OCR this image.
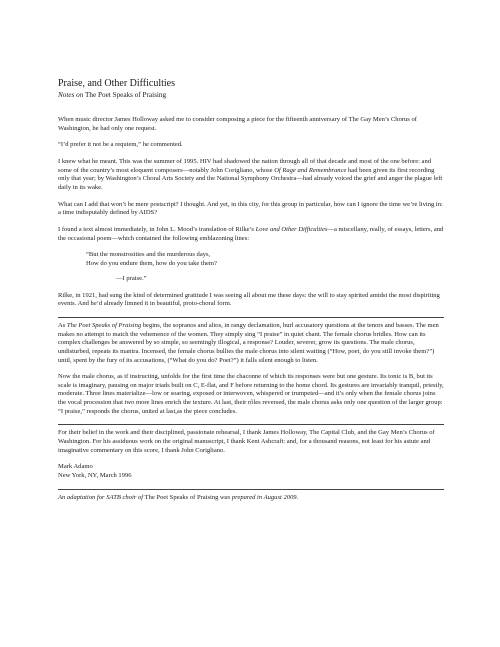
Praise, and Other Difficulties
Notes on The Poet Speaks of Praising

When music director James Holloway asked me to consider composing a piece for the fifteenth anniversary of The Gay Men’s Chorus of Washington, he had only one request.

“I’d prefer it not be a requiem,” he commented.

I knew what he meant. This was the summer of 1995. HIV had shadowed the nation through all of that decade and most of the one before: and some of the country’s most eloquent composers—notably John Corigliano, whose Of Rage and Remembrance had been given its first recording only that year; by Washington’s Choral Arts Society and the National Symphony Orchestra—had already voiced the grief and anger the plague left daily in its wake.

What can I add that won’t be mere postscript? I thought. And yet, in this city, for this group in particular, how can I ignore the time we’re living in: a time indisputably defined by AIDS?

I found a text almost immediately, in John L. Mood’s translation of Rilke’s Love and Other Difficulties—a miscellany, really, of essays, letters, and the occasional poem—which contained the following emblazoning lines:

“But the monstrosities and the murderous days,
How do you endure them, how do you take them?

—I praise.”

Rilke, in 1921, had sung the kind of determined gratitude I was seeing all about me these days: the will to stay spirited amidst the most dispiriting events. And he’d already limned it in beautiful, proto-choral form.

As The Poet Speaks of Praising begins, the sopranos and altos, in rangy declamation, hurl accusatory questions at the tenors and basses. The men makes no attempt to match the vehemence of the women. They simply sing “I praise” in quiet chant. The female chorus bridles. How can its complex challenges be answered by so simple, so seemingly illogical, a response? Louder, severer, grow its questions. The male chorus, undisturbed, repeats its mantra. Incensed, the female chorus bullies the male chorus into silent waiting (“How, poet, do you still invoke them?”) until, spent by the fury of its accusations, (“What do you do? Poet?”) it falls silent enough to listen.

Now the male chorus, as if instructing, unfolds for the first time the chaconne of which its responses were but one gesture. Its tonic is B, but its scale is imaginary, pausing on major triads built on C, E-flat, and F before returning to the home chord. Its gestures are invariably tranquil, priestly, moderate. Three lines materialize—low or soaring, exposed or interwoven, whispered or trumpeted—and it’s only when the female chorus joins the vocal procession that two more lines enrich the texture. At last, their rôles reversed, the male chorus asks only one question of the larger group: “I praise,” responds the chorus, united at last,as the piece concludes.

For their belief in the work and their disciplined, passionate rehearsal, I thank James Holloway, The Capital Club, and the Gay Men’s Chorus of Washington. For his assiduous work on the original manuscript, I thank Kent Ashcraft: and, for a thousand reasons, not least for his astute and imaginative commentary on this score, I thank John Corigliano.

Mark Adamo

New York, NY, March 1996

An adaptation for SATB choir of The Poet Speaks of Praising was prepared in August 2009.
